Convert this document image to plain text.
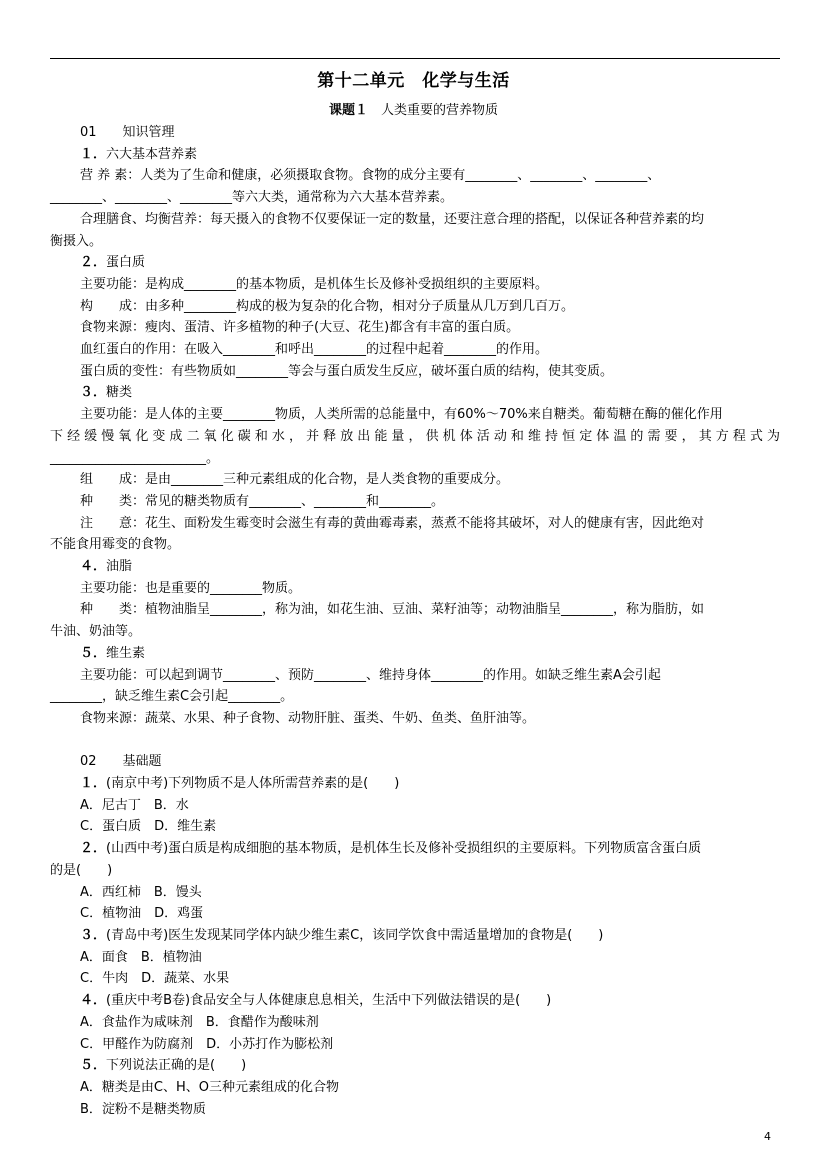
第十二单元　化学与生活
课题１　 人类重要的营养物质

01　　知识管理

１．六大基本营养素

营 养 素：人类为了生命和健康，必须摄取食物。食物的成分主要有________、________、________、

________、________、________等六大类，通常称为六大基本营养素。

合理膳食、均衡营养：每天摄入的食物不仅要保证一定的数量，还要注意合理的搭配，以保证各种营养素的均

衡摄入。

２．蛋白质

主要功能：是构成________的基本物质，是机体生长及修补受损组织的主要原料。

构　　成：由多种________构成的极为复杂的化合物，相对分子质量从几万到几百万。

食物来源：瘦肉、蛋清、许多植物的种子(大豆、花生)都含有丰富的蛋白质。

血红蛋白的作用：在吸入________和呼出________的过程中起着________的作用。

蛋白质的变性：有些物质如________等会与蛋白质发生反应，破坏蛋白质的结构，使其变质。

３．糖类

主要功能：是人体的主要________物质，人类所需的总能量中，有60%～70%来自糖类。葡萄糖在酶的催化作用

下经缓慢氧化变成二氧化碳和水，并释放出能量，供机体活动和维持恒定体温的需要，其方程式为

________________________。

组　　成：是由________三种元素组成的化合物，是人类食物的重要成分。

种　　类：常见的糖类物质有________、________和________。

注　　意：花生、面粉发生霉变时会滋生有毒的黄曲霉毒素，蒸煮不能将其破坏，对人的健康有害，因此绝对

不能食用霉变的食物。

４．油脂

主要功能：也是重要的________物质。

种　　类：植物油脂呈________，称为油，如花生油、豆油、菜籽油等；动物油脂呈________，称为脂肪，如

牛油、奶油等。

５．维生素

主要功能：可以起到调节________、预防________、维持身体________的作用。如缺乏维生素A会引起

________，缺乏维生素C会引起________。

食物来源：蔬菜、水果、种子食物、动物肝脏、蛋类、牛奶、鱼类、鱼肝油等。

02　　基础题

１．(南京中考)下列物质不是人体所需营养素的是(　　)

A．尼古丁　B．水

C．蛋白质　D．维生素

２．(山西中考)蛋白质是构成细胞的基本物质，是机体生长及修补受损组织的主要原料。下列物质富含蛋白质

的是(　　)

A．西红柿　B．馒头

C．植物油　D．鸡蛋

３．(青岛中考)医生发现某同学体内缺少维生素C，该同学饮食中需适量增加的食物是(　　)

A．面食　B．植物油

C．牛肉　D．蔬菜、水果

４．(重庆中考B卷)食品安全与人体健康息息相关，生活中下列做法错误的是(　　)

A．食盐作为咸味剂　B．食醋作为酸味剂

C．甲醛作为防腐剂　D．小苏打作为膨松剂

５．下列说法正确的是(　　)

A．糖类是由C、H、O三种元素组成的化合物

B．淀粉不是糖类物质

4
